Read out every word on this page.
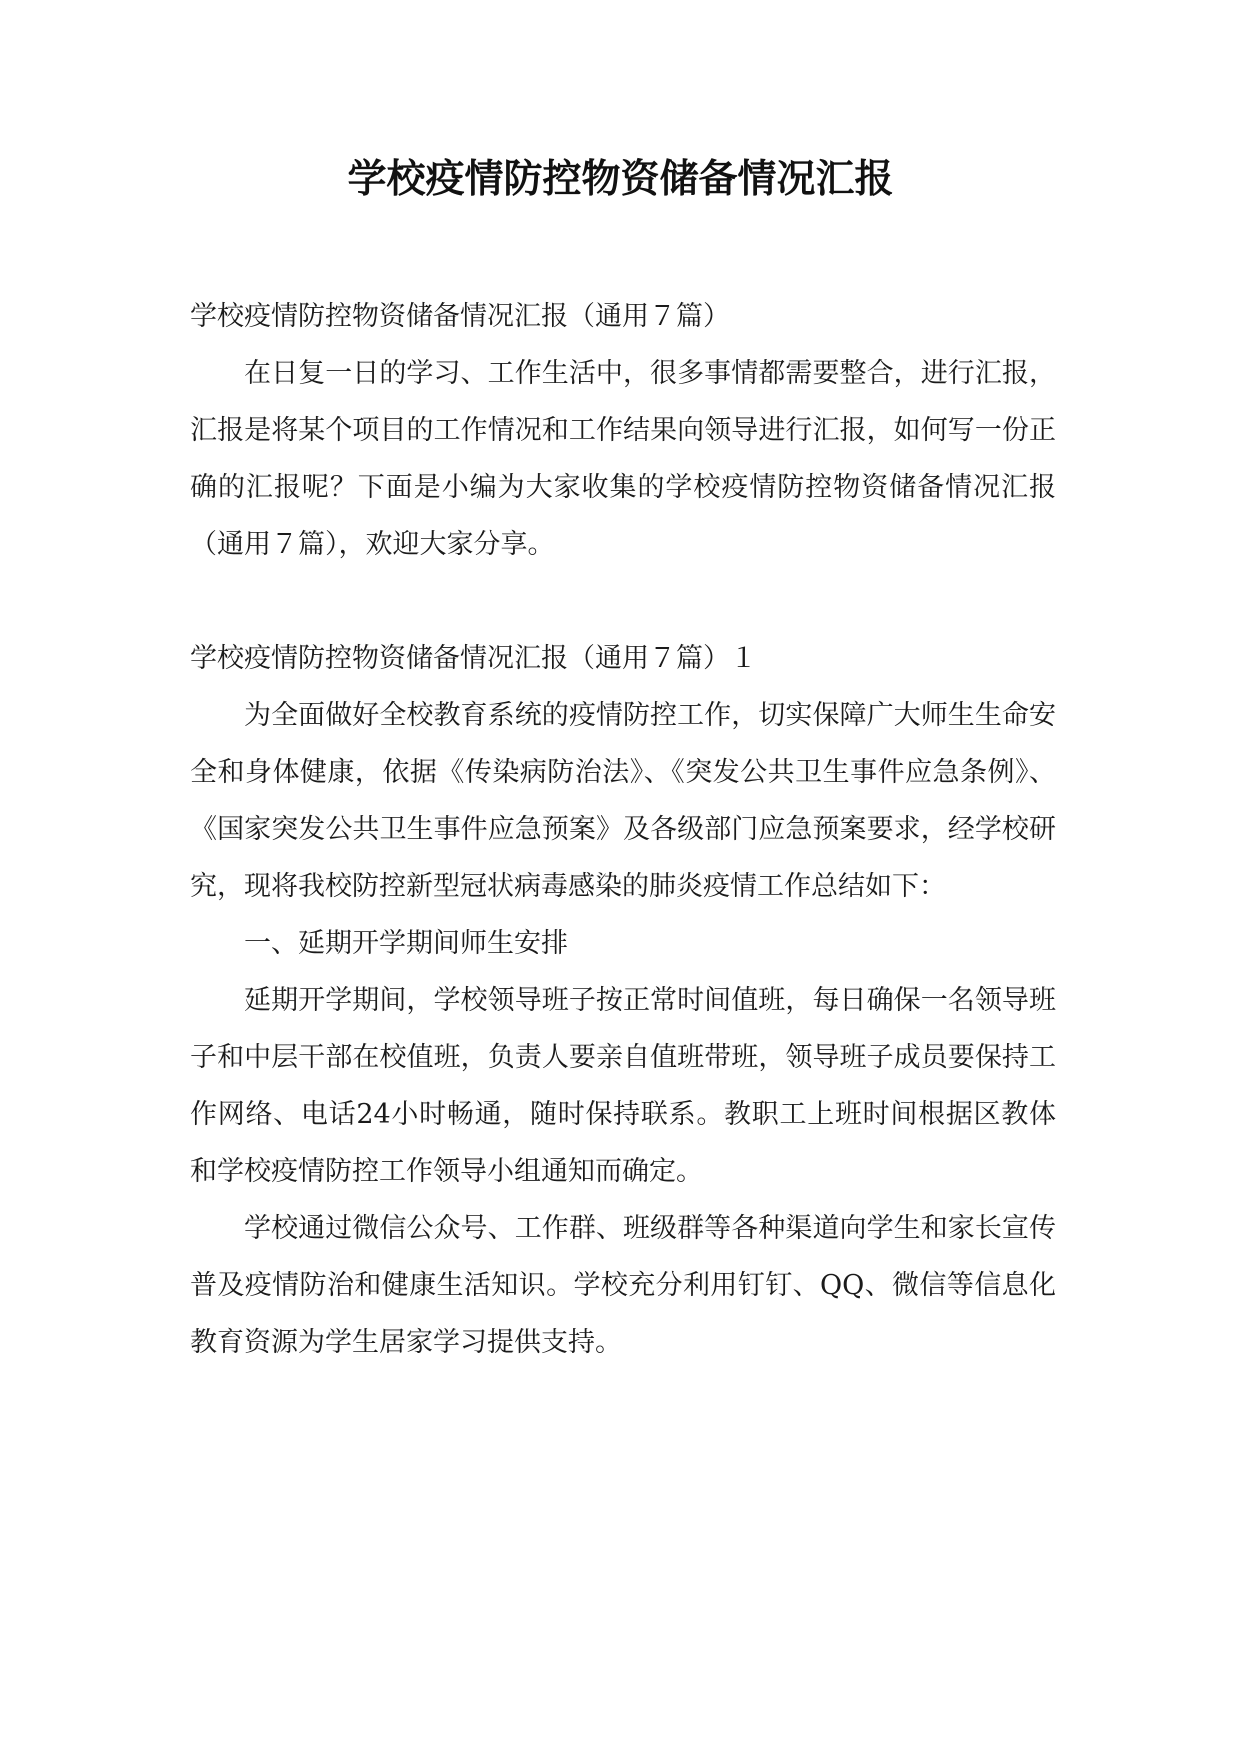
学校疫情防控物资储备情况汇报

学校疫情防控物资储备情况汇报（通用７篇）

在日复一日的学习、工作生活中，很多事情都需要整合，进行汇报，汇报是将某个项目的工作情况和工作结果向领导进行汇报，如何写一份正确的汇报呢？下面是小编为大家收集的学校疫情防控物资储备情况汇报（通用７篇），欢迎大家分享。

学校疫情防控物资储备情况汇报（通用７篇）１

为全面做好全校教育系统的疫情防控工作，切实保障广大师生生命安全和身体健康，依据《传染病防治法》、《突发公共卫生事件应急条例》、《国家突发公共卫生事件应急预案》及各级部门应急预案要求，经学校研究，现将我校防控新型冠状病毒感染的肺炎疫情工作总结如下：

一、延期开学期间师生安排

延期开学期间，学校领导班子按正常时间值班，每日确保一名领导班子和中层干部在校值班，负责人要亲自值班带班，领导班子成员要保持工作网络、电话24小时畅通，随时保持联系。教职工上班时间根据区教体和学校疫情防控工作领导小组通知而确定。

学校通过微信公众号、工作群、班级群等各种渠道向学生和家长宣传普及疫情防治和健康生活知识。学校充分利用钉钉、QQ、微信等信息化教育资源为学生居家学习提供支持。
